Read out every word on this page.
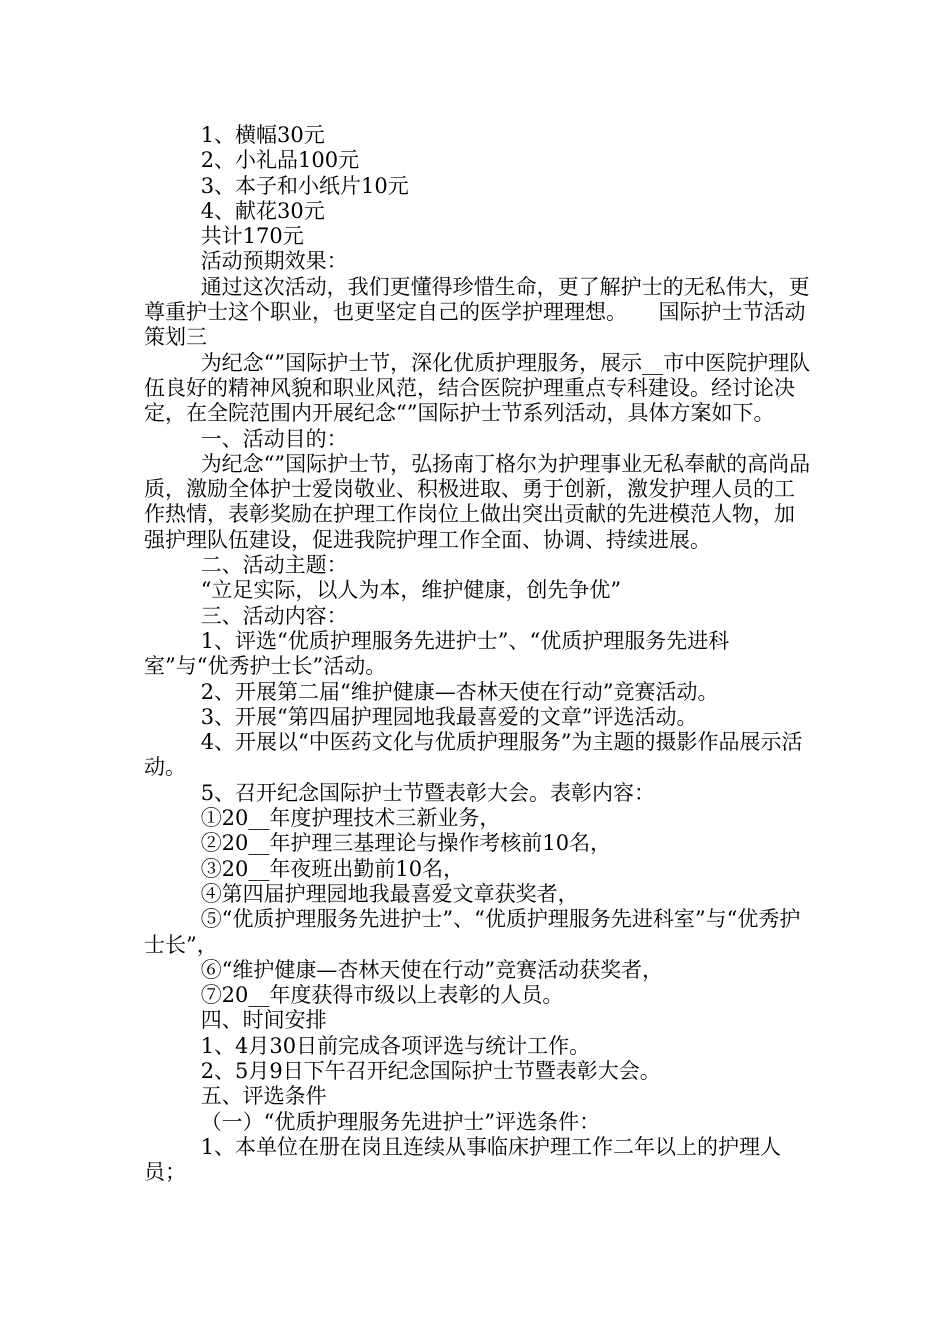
1、横幅30元

2、小礼品100元

3、本子和小纸片10元

4、献花30元

共计170元

活动预期效果：

通过这次活动，我们更懂得珍惜生命，更了解护士的无私伟大，更尊重护士这个职业，也更坚定自己的医学护理理想。　　国际护士节活动策划三

为纪念“”国际护士节，深化优质护理服务，展示__市中医院护理队伍良好的精神风貌和职业风范，结合医院护理重点专科建设。经讨论决定，在全院范围内开展纪念“”国际护士节系列活动，具体方案如下。

一、活动目的：

为纪念“”国际护士节，弘扬南丁格尔为护理事业无私奉献的高尚品质，激励全体护士爱岗敬业、积极进取、勇于创新，激发护理人员的工作热情，表彰奖励在护理工作岗位上做出突出贡献的先进模范人物，加强护理队伍建设，促进我院护理工作全面、协调、持续进展。

二、活动主题：

“立足实际，以人为本，维护健康，创先争优”

三、活动内容：

1、评选“优质护理服务先进护士”、“优质护理服务先进科室”与“优秀护士长”活动。

2、开展第二届“维护健康—杏林天使在行动”竞赛活动。

3、开展“第四届护理园地我最喜爱的文章”评选活动。

4、开展以“中医药文化与优质护理服务”为主题的摄影作品展示活动。

5、召开纪念国际护士节暨表彰大会。表彰内容：

①20__年度护理技术三新业务，

②20__年护理三基理论与操作考核前10名，

③20__年夜班出勤前10名，

④第四届护理园地我最喜爱文章获奖者，

⑤“优质护理服务先进护士”、“优质护理服务先进科室”与“优秀护士长”，

⑥“维护健康—杏林天使在行动”竞赛活动获奖者，

⑦20__年度获得市级以上表彰的人员。

四、时间安排

1、4月30日前完成各项评选与统计工作。

2、5月9日下午召开纪念国际护士节暨表彰大会。

五、评选条件

（一）“优质护理服务先进护士”评选条件：

1、本单位在册在岗且连续从事临床护理工作二年以上的护理人员；
